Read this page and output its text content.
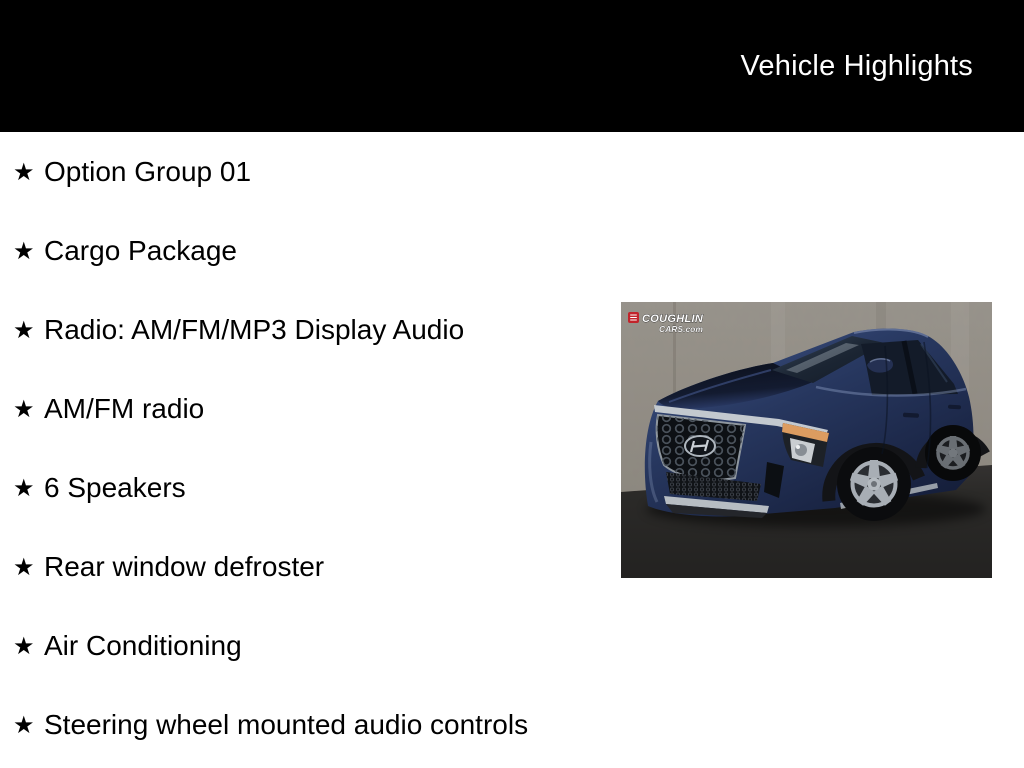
Vehicle Highlights
★ Option Group 01
★ Cargo Package
★ Radio: AM/FM/MP3 Display Audio
★ AM/FM radio
★ 6 Speakers
★ Rear window defroster
★ Air Conditioning
★ Steering wheel mounted audio controls
COUGHLIN
CARS.com
